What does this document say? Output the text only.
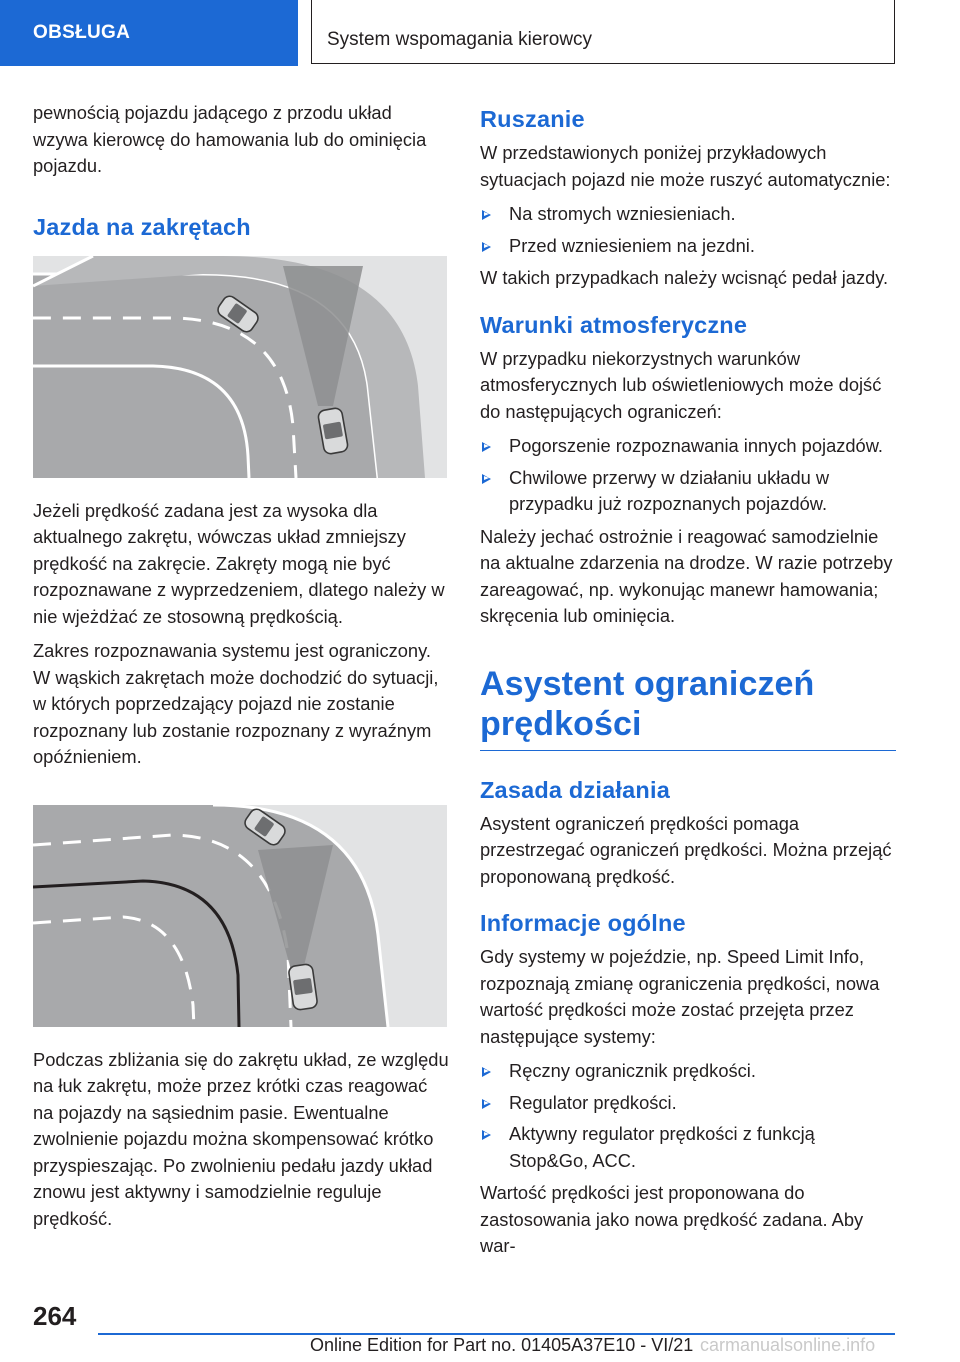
OBSŁUGA	System wspomagania kierowcy

pewnością pojazdu jadącego z przodu układ wzywa kierowcę do hamowania lub do ominięcia pojazdu.

Jazda na zakrętach

Jeżeli prędkość zadana jest za wysoka dla aktualnego zakrętu, wówczas układ zmniejszy prędkość na zakręcie. Zakręty mogą nie być rozpoznawane z wyprzedzeniem, dlatego należy w nie wjeżdżać ze stosowną prędkością.

Zakres rozpoznawania systemu jest ograniczony. W wąskich zakrętach może dochodzić do sytuacji, w których poprzedzający pojazd nie zostanie rozpoznany lub zostanie rozpoznany z wyraźnym opóźnieniem.

Podczas zbliżania się do zakrętu układ, ze względu na łuk zakrętu, może przez krótki czas reagować na pojazdy na sąsiednim pasie. Ewentualne zwolnienie pojazdu można skompensować krótko przyspieszając. Po zwolnieniu pedału jazdy układ znowu jest aktywny i samodzielnie reguluje prędkość.

Ruszanie

W przedstawionych poniżej przykładowych sytuacjach pojazd nie może ruszyć automatycznie:

Na stromych wzniesieniach.
Przed wzniesieniem na jezdni.

W takich przypadkach należy wcisnąć pedał jazdy.

Warunki atmosferyczne

W przypadku niekorzystnych warunków atmosferycznych lub oświetleniowych może dojść do następujących ograniczeń:

Pogorszenie rozpoznawania innych pojazdów.
Chwilowe przerwy w działaniu układu w przypadku już rozpoznanych pojazdów.

Należy jechać ostrożnie i reagować samodzielnie na aktualne zdarzenia na drodze. W razie potrzeby zareagować, np. wykonując manewr hamowania; skręcenia lub ominięcia.

Asystent ograniczeń prędkości
Zasada działania

Asystent ograniczeń prędkości pomaga przestrzegać ograniczeń prędkości. Można przejąć proponowaną prędkość.

Informacje ogólne

Gdy systemy w pojeździe, np. Speed Limit Info, rozpoznają zmianę ograniczenia prędkości, nowa wartość prędkości może zostać przejęta przez następujące systemy:

Ręczny ogranicznik prędkości.
Regulator prędkości.
Aktywny regulator prędkości z funkcją Stop&Go, ACC.

Wartość prędkości jest proponowana do zastosowania jako nowa prędkość zadana. Aby war-

264
Online Edition for Part no. 01405A37E10 - VI/21 carmanualsonline.info
